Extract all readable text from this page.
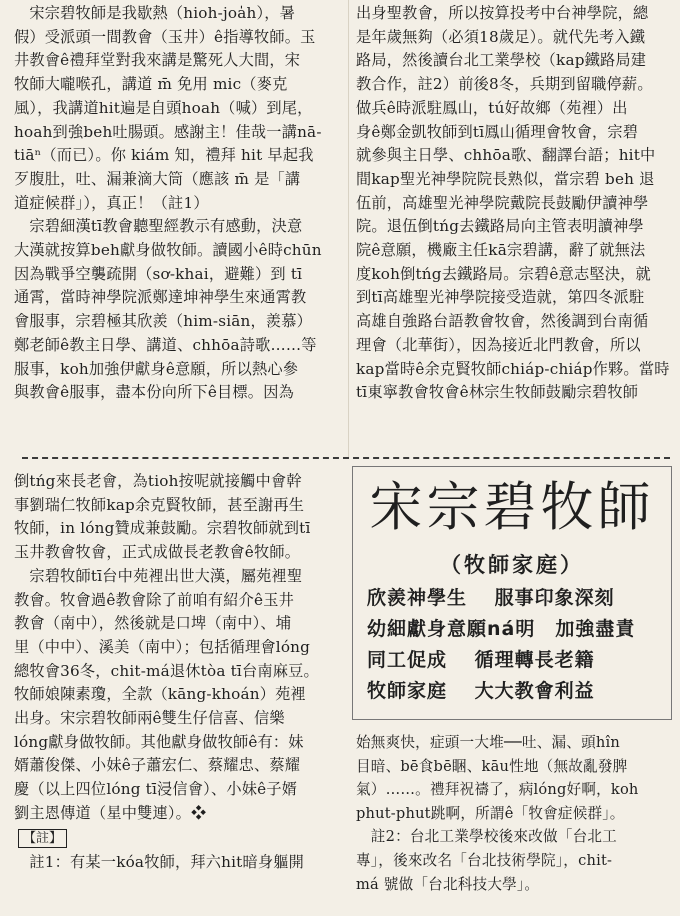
　宋宗碧牧師是我歇熱（hioh-joa̍h），暑
假）受派頭一間教會（玉井）ê指導牧師。玉
井教會ê禮拜堂對我來講是驚死人大間，宋
牧師大嚨喉孔，講道 m̄ 免用 mic（麥克
風），我講道hit遍是自頭hoah（喊）到尾，
hoah到強beh吐腸頭。感謝主！佳哉一講nā-
tiāⁿ（而已）。你 kiám 知，禮拜 hit 早起我
歹腹肚，吐、漏兼滴大筒（應該 m̄ 是「講
道症候群」），真正！（註1）
　宗碧細漢tī教會聽聖經教示有感動，決意
大漢就按算beh獻身做牧師。讀國小ê時chūn
因為戰爭空襲疏開（sơ-khai，避難）到 tī
通霄，當時神學院派鄭達坤神學生來通霄教
會服事，宗碧極其欣羨（him-siān，羨慕）
鄭老師ê教主日學、講道、chhōa詩歌……等
服事，koh加強伊獻身ê意願，所以熱心參
與教會ê服事，盡本份向所下ê目標。因為
出身聖教會，所以按算投考中台神學院，總
是年歲無夠（必須18歲足）。就代先考入鐵
路局，然後讀台北工業學校（kap鐵路局建
教合作，註2）前後8冬，兵期到留職停薪。
做兵ê時派駐鳳山，tú好故鄉（苑裡）出
身ê鄭金凱牧師到tī鳳山循理會牧會，宗碧
就參與主日學、chhōa歌、翻譯台語；hit中
間kap聖光神學院院長熟似，當宗碧 beh 退
伍前，高雄聖光神學院戴院長鼓勵伊讀神學
院。退伍倒tńg去鐵路局向主管表明讀神學
院ê意願，機廠主任kā宗碧講，辭了就無法
度koh倒tńg去鐵路局。宗碧ê意志堅決，就
到tī高雄聖光神學院接受造就，第四冬派駐
高雄自強路台語教會牧會，然後調到台南循
理會（北華街），因為接近北門教會，所以
kap當時ê余克賢牧師chiáp-chiáp作夥。當時
tī東寧教會牧會ê林宗生牧師鼓勵宗碧牧師
倒tńg來長老會，為tioh按呢就接觸中會幹
事劉瑞仁牧師kap余克賢牧師，甚至謝再生
牧師，in lóng贊成兼鼓勵。宗碧牧師就到tī
玉井教會牧會，正式成做長老教會ê牧師。
　宗碧牧師tī台中苑裡出世大漢，屬苑裡聖
教會。牧會過ê教會除了前咱有紹介ê玉井
教會（南中），然後就是口埤（南中）、埔
里（中中）、溪美（南中）；包括循理會lóng
總牧會36冬，chit-má退休tòa tī台南麻豆。
牧師娘陳素瓊，全款（kāng-khoán）苑裡
出身。宋宗碧牧師兩ê雙生仔信喜、信樂
lóng獻身做牧師。其他獻身做牧師ê有：妹
婿蕭俊傑、小妹ê子蕭宏仁、蔡耀忠、蔡耀
慶（以上四位lóng tī浸信會）、小妹ê子婿
劉主恩傳道（星中雙連）。❖
【註】
　註1：有某一kóa牧師，拜六hit暗身軀開
宋宗碧牧師
（牧師家庭）
欣羨神學生　 服事印象深刻
幼細獻身意願ná明　加強盡責
同工促成　 循理轉長老籍
牧師家庭　 大大教會利益
始無爽快，症頭一大堆──吐、漏、頭hîn
目暗、bē食bē睏、kāu性地（無故亂發脾
氣）……。禮拜祝禱了，病lóng好啊，koh
phut-phut跳啊，所謂ê「牧會症候群」。
　註2：台北工業學校後來改做「台北工
專」，後來改名「台北技術學院」，chit-
má 號做「台北科技大學」。
